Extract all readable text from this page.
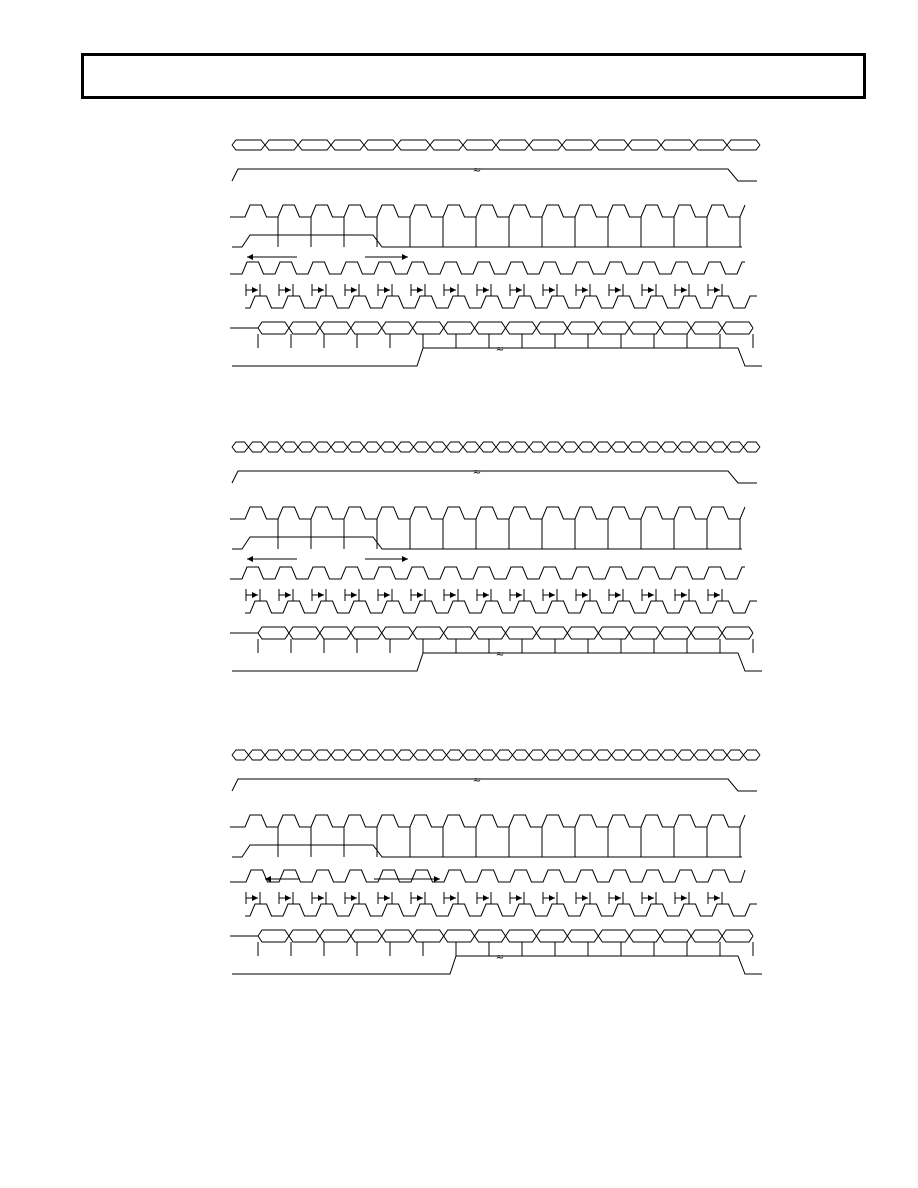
≈
≈
≈
≈
≈
≈
